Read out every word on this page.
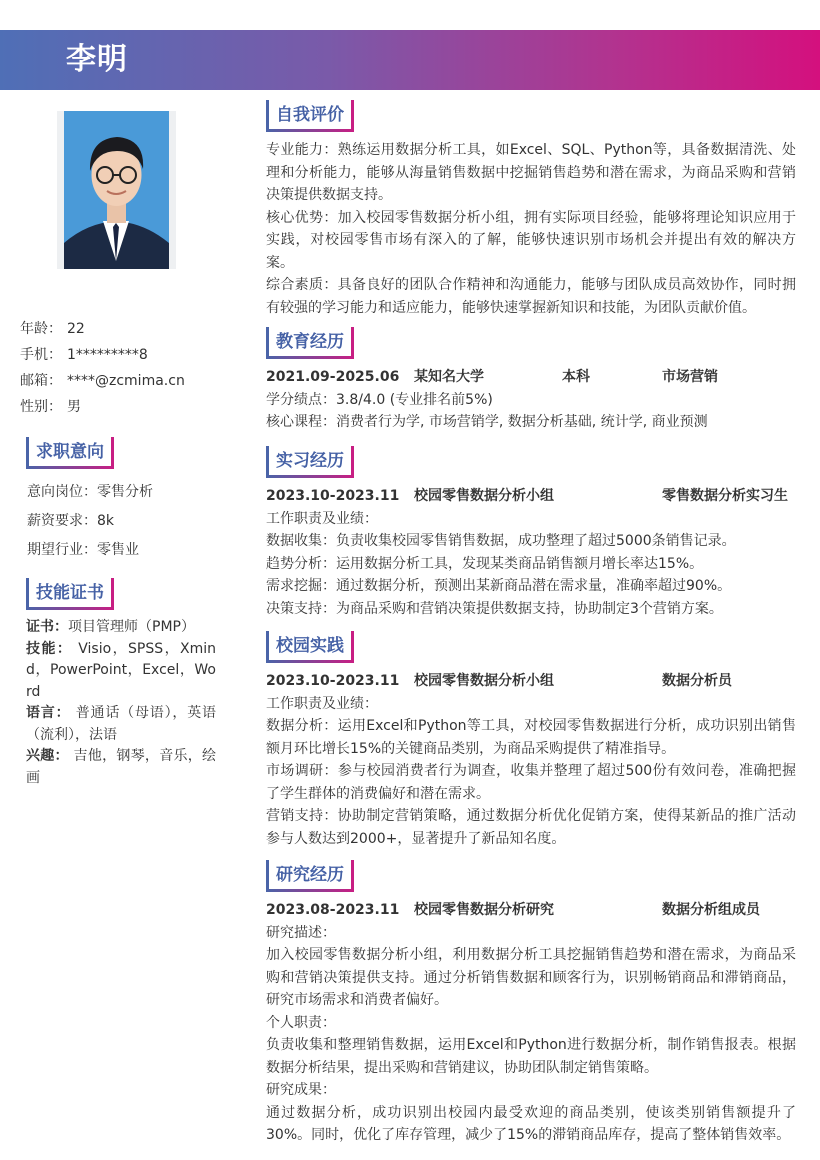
李明
年龄： 22
手机： 1*********8
邮箱： ****@zcmima.cn
性别： 男
求职意向
意向岗位：零售分析
薪资要求：8k
期望行业：零售业
技能证书
证书：项目管理师（PMP）
技能： Visio，SPSS，Xmind，PowerPoint，Excel，Word
语言： 普通话（母语），英语（流利），法语
兴趣： 吉他，钢琴，音乐，绘画
自我评价
专业能力：熟练运用数据分析工具，如Excel、SQL、Python等，具备数据清洗、处理和分析能力，能够从海量销售数据中挖掘销售趋势和潜在需求，为商品采购和营销决策提供数据支持。
核心优势：加入校园零售数据分析小组，拥有实际项目经验，能够将理论知识应用于实践，对校园零售市场有深入的了解，能够快速识别市场机会并提出有效的解决方案。
综合素质：具备良好的团队合作精神和沟通能力，能够与团队成员高效协作，同时拥有较强的学习能力和适应能力，能够快速掌握新知识和技能，为团队贡献价值。
教育经历
2021.09-2025.06 某知名大学	本科	市场营销
学分绩点：3.8/4.0 (专业排名前5%)
核心课程：消费者行为学, 市场营销学, 数据分析基础, 统计学, 商业预测
实习经历
2023.10-2023.11 校园零售数据分析小组	零售数据分析实习生
工作职责及业绩：
数据收集：负责收集校园零售销售数据，成功整理了超过5000条销售记录。
趋势分析：运用数据分析工具，发现某类商品销售额月增长率达15%。
需求挖掘：通过数据分析，预测出某新商品潜在需求量，准确率超过90%。
决策支持：为商品采购和营销决策提供数据支持，协助制定3个营销方案。
校园实践
2023.10-2023.11 校园零售数据分析小组	数据分析员
工作职责及业绩：
数据分析：运用Excel和Python等工具，对校园零售数据进行分析，成功识别出销售额月环比增长15%的关键商品类别，为商品采购提供了精准指导。
市场调研：参与校园消费者行为调查，收集并整理了超过500份有效问卷，准确把握了学生群体的消费偏好和潜在需求。
营销支持：协助制定营销策略，通过数据分析优化促销方案，使得某新品的推广活动参与人数达到2000+，显著提升了新品知名度。
研究经历
2023.08-2023.11 校园零售数据分析研究	数据分析组成员
研究描述：
加入校园零售数据分析小组，利用数据分析工具挖掘销售趋势和潜在需求，为商品采购和营销决策提供支持。通过分析销售数据和顾客行为，识别畅销商品和滞销商品，研究市场需求和消费者偏好。
个人职责：
负责收集和整理销售数据，运用Excel和Python进行数据分析，制作销售报表。根据数据分析结果，提出采购和营销建议，协助团队制定销售策略。
研究成果：
通过数据分析，成功识别出校园内最受欢迎的商品类别，使该类别销售额提升了30%。同时，优化了库存管理，减少了15%的滞销商品库存，提高了整体销售效率。
